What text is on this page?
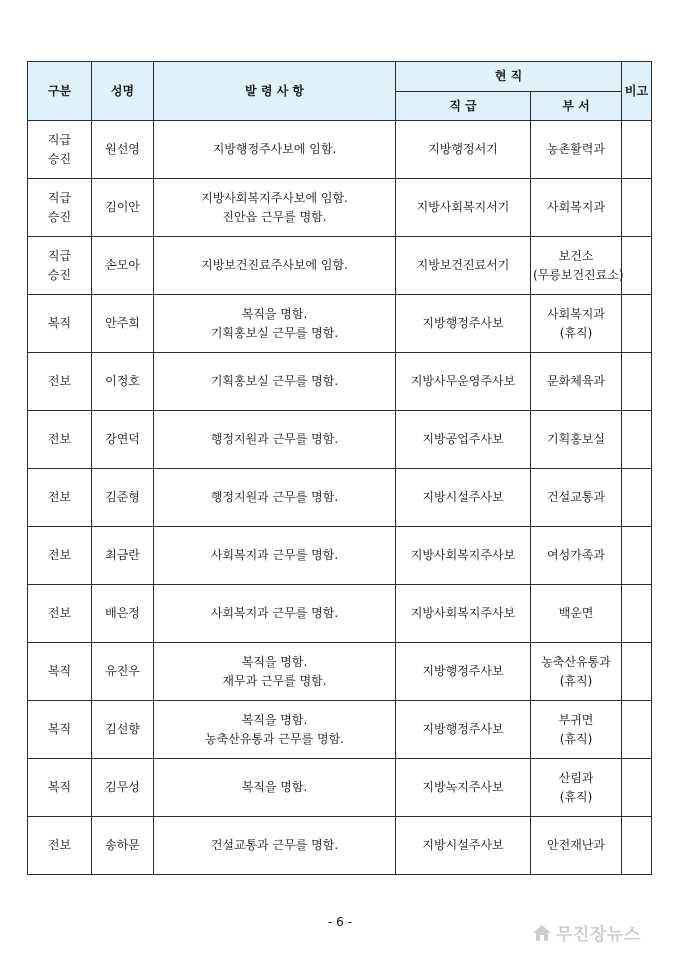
구분	성명	발 령 사 항	현 직		비고
			직 급	부 서	
직급
승진	원선영	지방행정주사보에 임함.	지방행정서기	농촌활력과	

직급
승진	김이안	지방사회복지주사보에 임함.
진안읍 근무를 명함.	지방사회복지서기	사회복지과	

직급
승진	손모아	지방보건진료주사보에 임함.	지방보건진료서기	보건소
(무릉보건진료소)	

복직	안주희	복직을 명함.
기획홍보실 근무를 명함.	지방행정주사보	사회복지과
(휴직)	

전보	이정호	기획홍보실 근무를 명함.	지방사무운영주사보	문화체육과	

전보	강연덕	행정지원과 근무를 명함.	지방공업주사보	기획홍보실	

전보	김준형	행정지원과 근무를 명함.	지방시설주사보	건설교통과	

전보	최금란	사회복지과 근무를 명함.	지방사회복지주사보	여성가족과	

전보	배은정	사회복지과 근무를 명함.	지방사회복지주사보	백운면	

복직	유진우	복직을 명함.
재무과 근무를 명함.	지방행정주사보	농축산유통과
(휴직)	

복직	김선향	복직을 명함.
농축산유통과 근무를 명함.	지방행정주사보	부귀면
(휴직)	

복직	김무성	복직을 명함.	지방녹지주사보	산림과
(휴직)	

전보	송하문	건설교통과 근무를 명함.	지방시설주사보	안전재난과	

- 6 -
무진장뉴스
